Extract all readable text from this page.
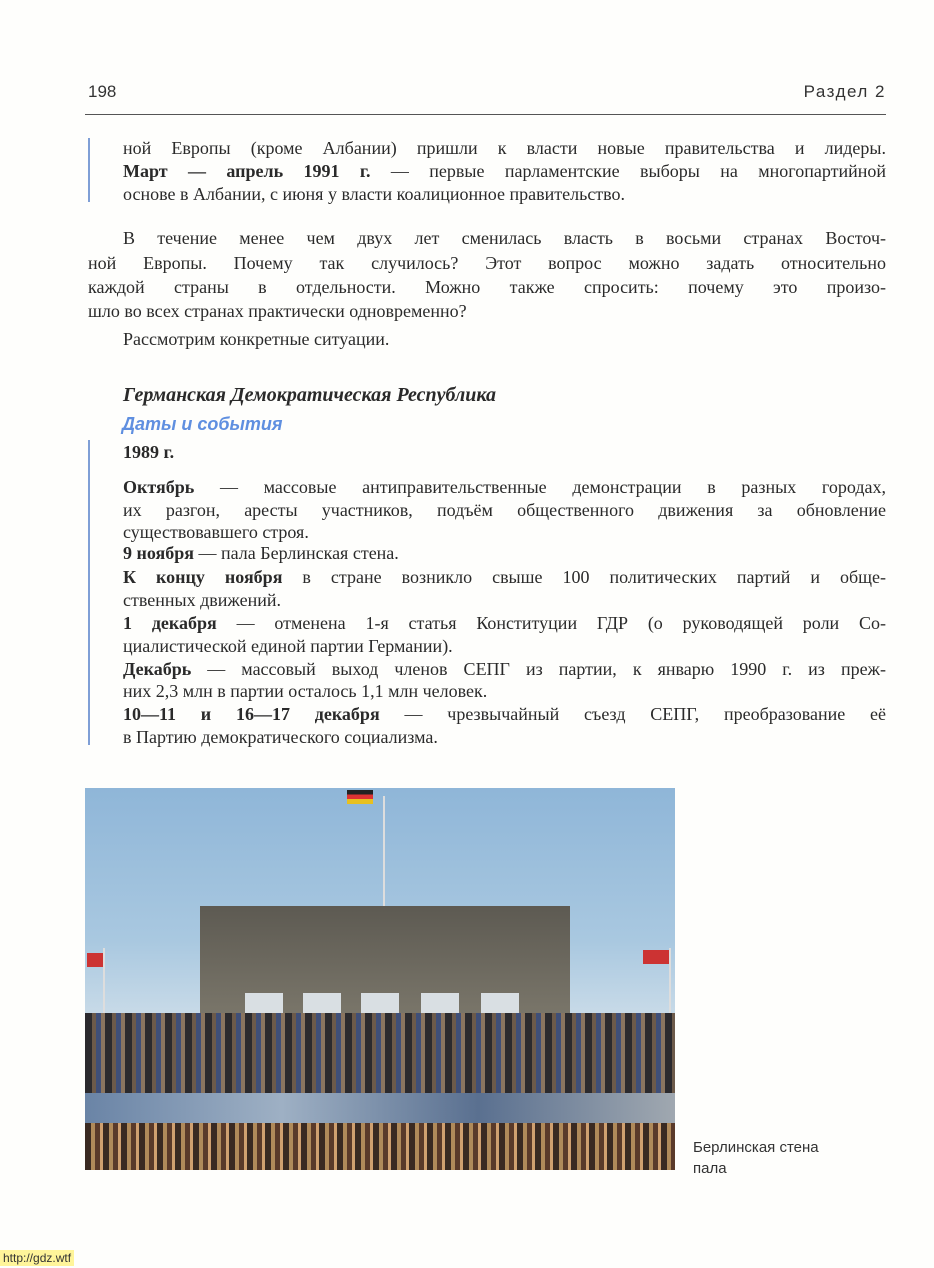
198	Раздел 2
ной Европы (кроме Албании) пришли к власти новые правительства и лидеры.
Март — апрель 1991 г. — первые парламентские выборы на многопартийной
основе в Албании, с июня у власти коалиционное правительство.
В течение менее чем двух лет сменилась власть в восьми странах Восточ-
ной Европы. Почему так случилось? Этот вопрос можно задать относительно
каждой страны в отдельности. Можно также спросить: почему это произо-
шло во всех странах практически одновременно?
Рассмотрим конкретные ситуации.
Германская Демократическая Республика
Даты и события
1989 г.
Октябрь — массовые антиправительственные демонстрации в разных городах,
их разгон, аресты участников, подъём общественного движения за обновление
существовавшего строя.
9 ноября — пала Берлинская стена.
К концу ноября в стране возникло свыше 100 политических партий и обще-
ственных движений.
1 декабря — отменена 1-я статья Конституции ГДР (о руководящей роли Со-
циалистической единой партии Германии).
Декабрь — массовый выход членов СЕПГ из партии, к январю 1990 г. из преж-
них 2,3 млн в партии осталось 1,1 млн человек.
10—11 и 16—17 декабря — чрезвычайный съезд СЕПГ, преобразование её
в Партию демократического социализма.
Берлинская стена
пала
http://gdz.wtf
